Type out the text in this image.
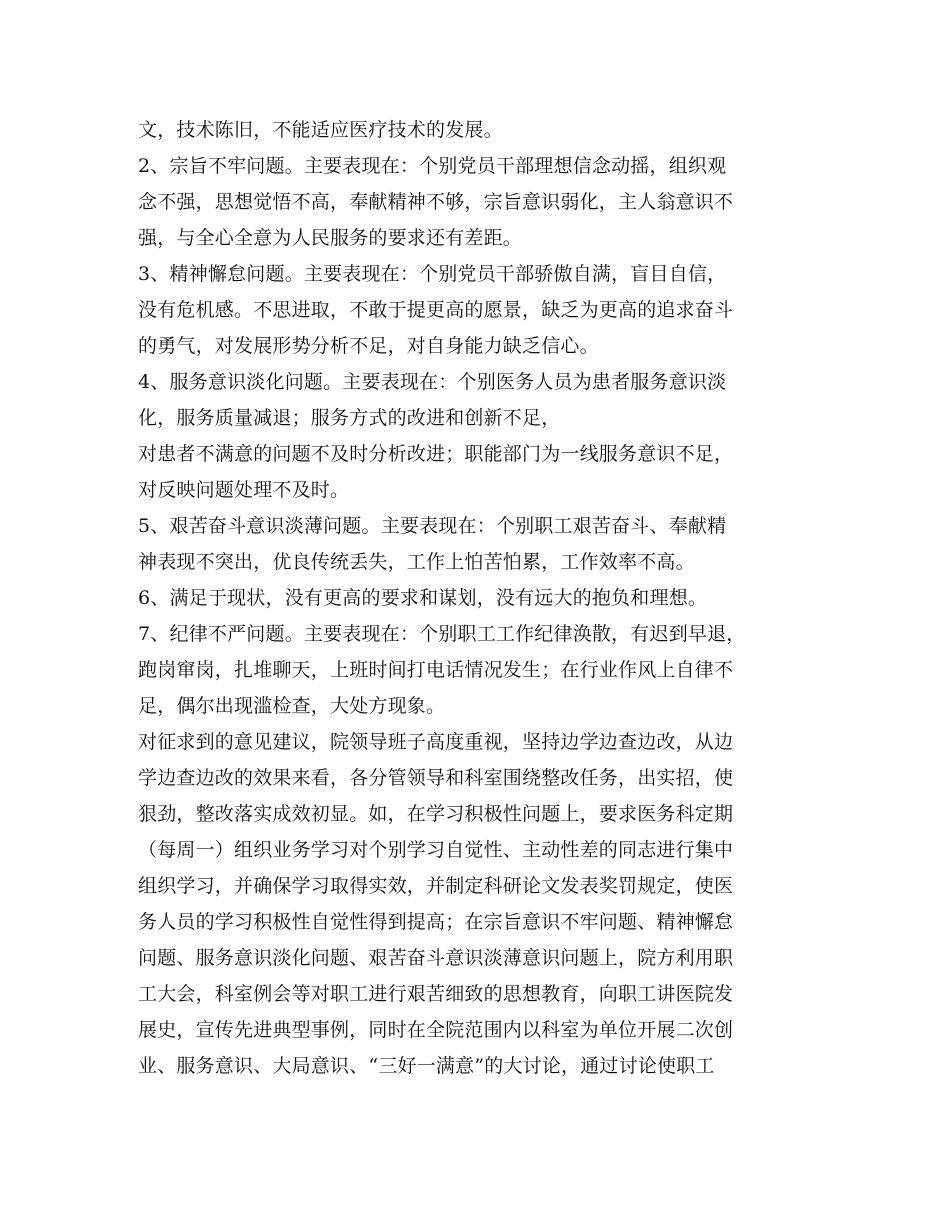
文，技术陈旧，不能适应医疗技术的发展。
2、宗旨不牢问题。主要表现在：个别党员干部理想信念动摇，组织观
念不强，思想觉悟不高，奉献精神不够，宗旨意识弱化，主人翁意识不
强，与全心全意为人民服务的要求还有差距。
3、精神懈怠问题。主要表现在：个别党员干部骄傲自满，盲目自信，
没有危机感。不思进取，不敢于提更高的愿景，缺乏为更高的追求奋斗
的勇气，对发展形势分析不足，对自身能力缺乏信心。
4、服务意识淡化问题。主要表现在：个别医务人员为患者服务意识淡
化，服务质量减退；服务方式的改进和创新不足，
对患者不满意的问题不及时分析改进；职能部门为一线服务意识不足，
对反映问题处理不及时。
5、艰苦奋斗意识淡薄问题。主要表现在：个别职工艰苦奋斗、奉献精
神表现不突出，优良传统丢失，工作上怕苦怕累，工作效率不高。
6、满足于现状，没有更高的要求和谋划，没有远大的抱负和理想。
7、纪律不严问题。主要表现在：个别职工工作纪律涣散，有迟到早退，
跑岗窜岗，扎堆聊天，上班时间打电话情况发生；在行业作风上自律不
足，偶尔出现滥检查，大处方现象。
对征求到的意见建议，院领导班子高度重视，坚持边学边查边改，从边
学边查边改的效果来看，各分管领导和科室围绕整改任务，出实招，使
狠劲，整改落实成效初显。如，在学习积极性问题上，要求医务科定期
（每周一）组织业务学习对个别学习自觉性、主动性差的同志进行集中
组织学习，并确保学习取得实效，并制定科研论文发表奖罚规定，使医
务人员的学习积极性自觉性得到提高；在宗旨意识不牢问题、精神懈怠
问题、服务意识淡化问题、艰苦奋斗意识淡薄意识问题上，院方利用职
工大会，科室例会等对职工进行艰苦细致的思想教育，向职工讲医院发
展史，宣传先进典型事例，同时在全院范围内以科室为单位开展二次创
业、服务意识、大局意识、“三好一满意”的大讨论，通过讨论使职工
